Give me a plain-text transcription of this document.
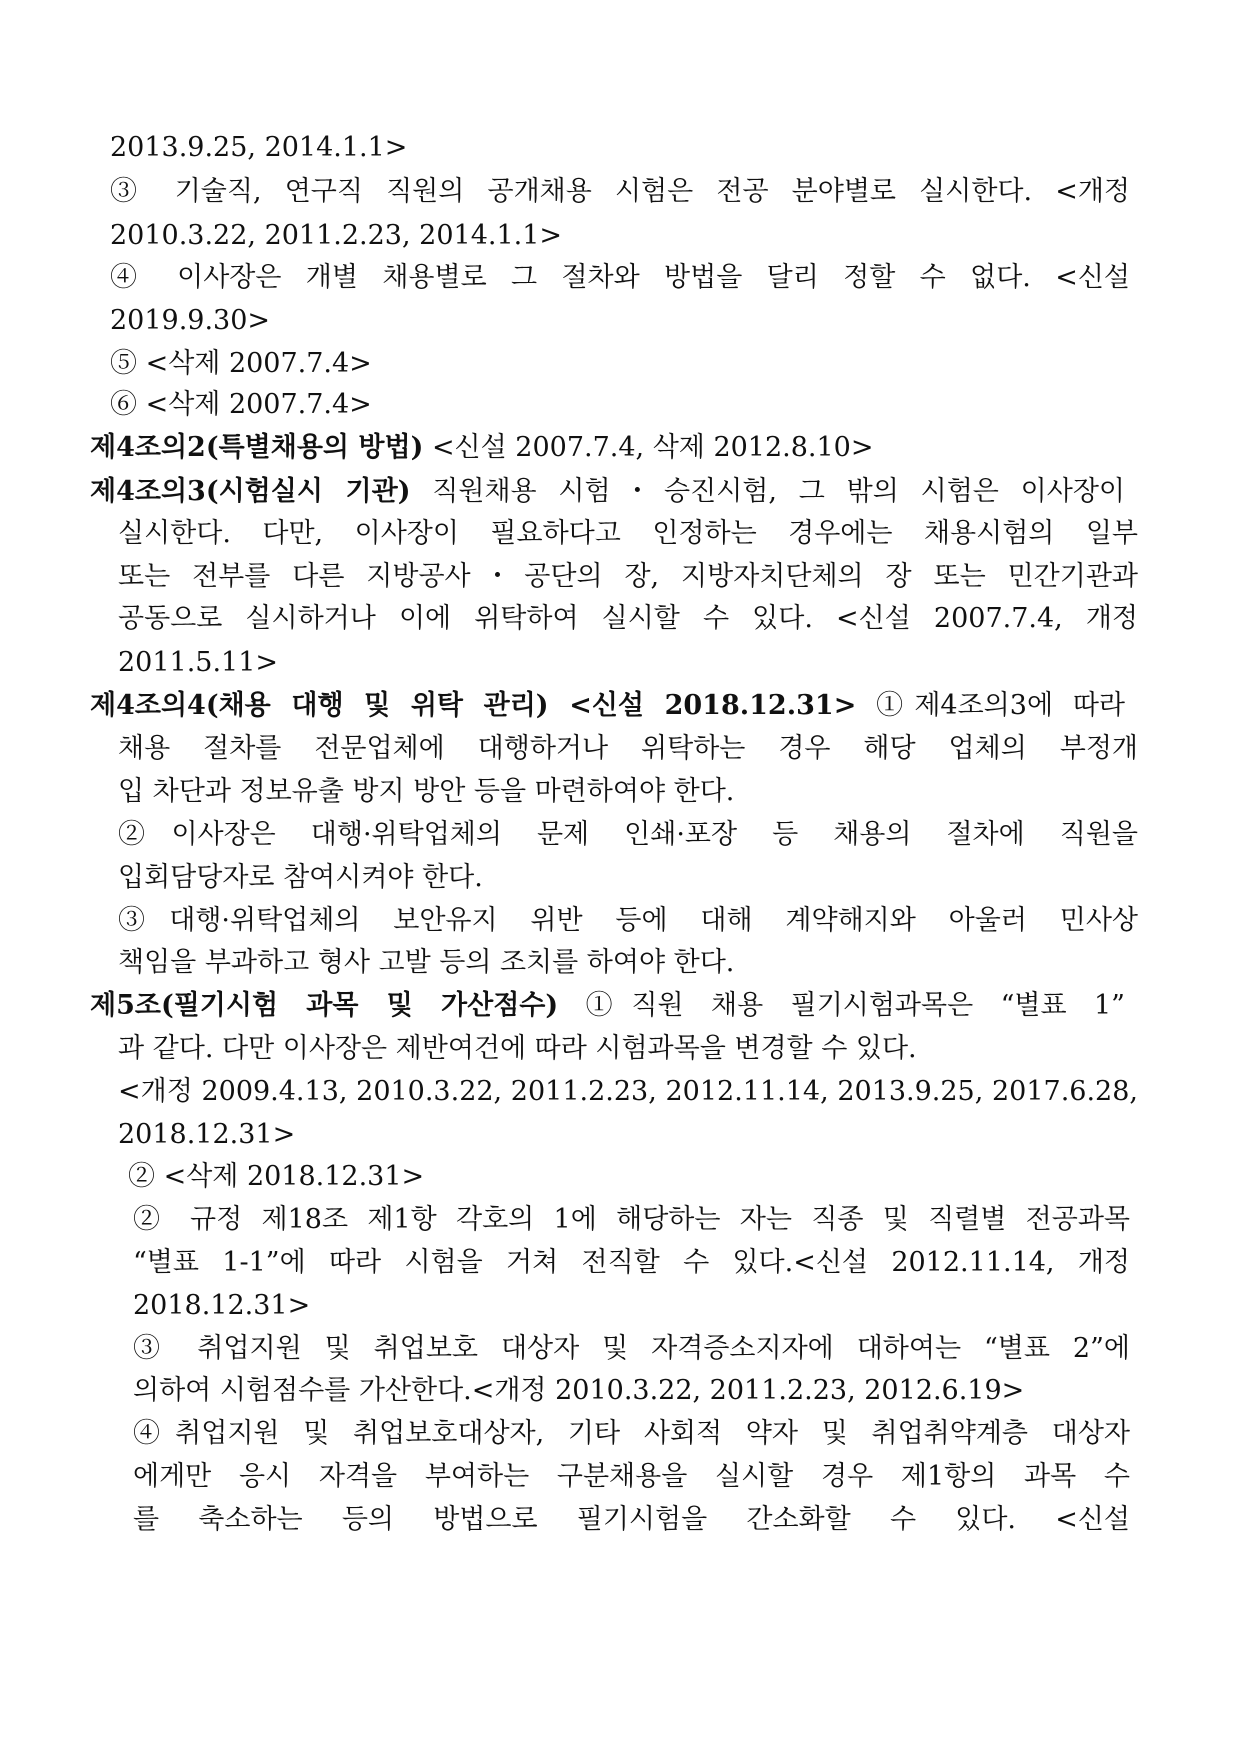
2013.9.25, 2014.1.1>
③ 기술직, 연구직 직원의 공개채용 시험은 전공 분야별로 실시한다. <개정
2010.3.22, 2011.2.23, 2014.1.1>
④ 이사장은 개별 채용별로 그 절차와 방법을 달리 정할 수 없다. <신설
2019.9.30>
⑤ <삭제 2007.7.4>
⑥ <삭제 2007.7.4>
제4조의2(특별채용의 방법) <신설 2007.7.4, 삭제 2012.8.10>
제4조의3(시험실시 기관) 직원채용 시험・승진시험, 그 밖의 시험은 이사장이
실시한다. 다만, 이사장이 필요하다고 인정하는 경우에는 채용시험의 일부
또는 전부를 다른 지방공사・공단의 장, 지방자치단체의 장 또는 민간기관과
공동으로 실시하거나 이에 위탁하여 실시할 수 있다. <신설 2007.7.4, 개정
2011.5.11>
제4조의4(채용 대행 및 위탁 관리) <신설 2018.12.31> ①제4조의3에 따라
채용 절차를 전문업체에 대행하거나 위탁하는 경우 해당 업체의 부정개
입 차단과 정보유출 방지 방안 등을 마련하여야 한다.
②이사장은 대행·위탁업체의 문제 인쇄·포장 등 채용의 절차에 직원을
입회담당자로 참여시켜야 한다.
③대행·위탁업체의 보안유지 위반 등에 대해 계약해지와 아울러 민사상
책임을 부과하고 형사 고발 등의 조치를 하여야 한다.
제5조(필기시험 과목 및 가산점수) ①직원 채용 필기시험과목은 “별표 1”
과 같다. 다만 이사장은 제반여건에 따라 시험과목을 변경할 수 있다.
<개정 2009.4.13, 2010.3.22, 2011.2.23, 2012.11.14, 2013.9.25, 2017.6.28,
2018.12.31>
② <삭제 2018.12.31>
② 규정 제18조 제1항 각호의 1에 해당하는 자는 직종 및 직렬별 전공과목
“별표 1-1”에 따라 시험을 거쳐 전직할 수 있다.<신설 2012.11.14, 개정
2018.12.31>
③ 취업지원 및 취업보호 대상자 및 자격증소지자에 대하여는 “별표 2”에
의하여 시험점수를 가산한다.<개정 2010.3.22, 2011.2.23, 2012.6.19>
④취업지원 및 취업보호대상자, 기타 사회적 약자 및 취업취약계층 대상자
에게만 응시 자격을 부여하는 구분채용을 실시할 경우 제1항의 과목 수
를 축소하는 등의 방법으로 필기시험을 간소화할 수 있다. <신설
